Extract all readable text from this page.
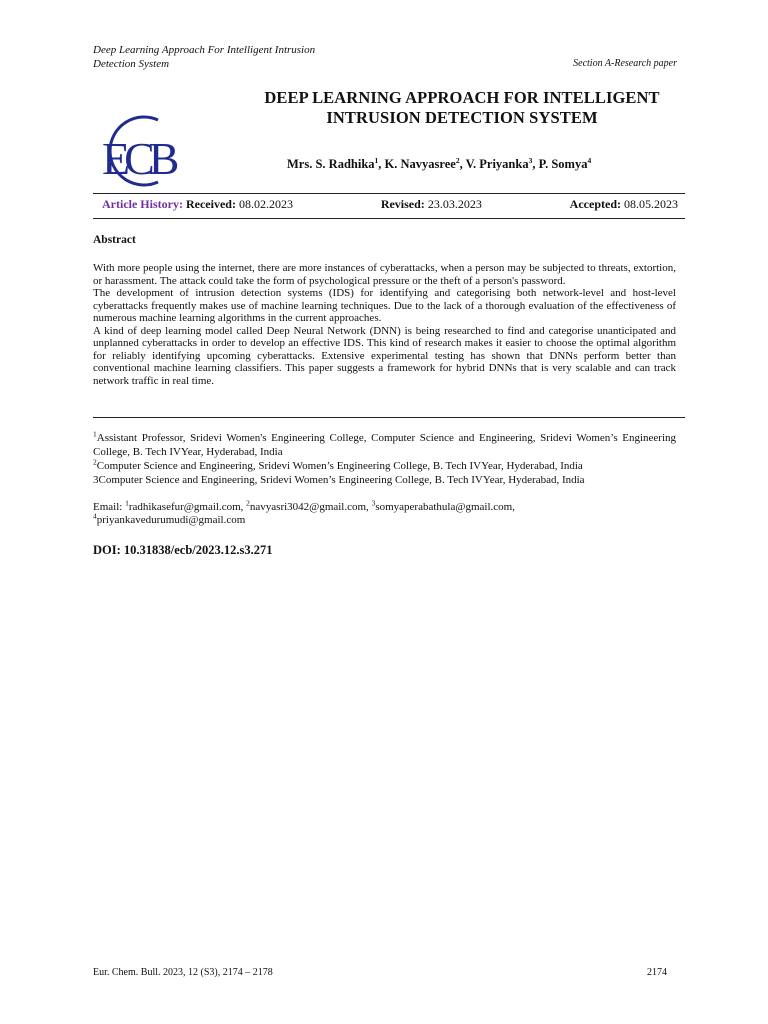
Deep Learning Approach For Intelligent Intrusion
Detection System	Section A-Research paper
ECB
DEEP LEARNING APPROACH FOR INTELLIGENT
INTRUSION DETECTION SYSTEM
Mrs. S. Radhika$^1$, K. Navyasree$^2$, V. Priyanka$^3$, P. Somya$^4$
Article History: Received: 08.02.2023	Revised: 23.03.2023	Accepted: 08.05.2023
Abstract

With more people using the internet, there are more instances of cyberattacks, when a person may be subjected to threats, extortion, or harassment. The attack could take the form of psychological pressure or the theft of a person's password.

The development of intrusion detection systems (IDS) for identifying and categorising both network-level and host-level cyberattacks frequently makes use of machine learning techniques. Due to the lack of a thorough evaluation of the effectiveness of numerous machine learning algorithms in the current approaches.

A kind of deep learning model called Deep Neural Network (DNN) is being researched to find and categorise unanticipated and unplanned cyberattacks in order to develop an effective IDS. This kind of research makes it easier to choose the optimal algorithm for reliably identifying upcoming cyberattacks. Extensive experimental testing has shown that DNNs perform better than conventional machine learning classifiers. This paper suggests a framework for hybrid DNNs that is very scalable and can track network traffic in real time.

$^1$Assistant Professor, Sridevi Women's Engineering College, Computer Science and Engineering, Sridevi Women’s Engineering College, B. Tech IVYear, Hyderabad, India

$^2$Computer Science and Engineering, Sridevi Women’s Engineering College, B. Tech IVYear, Hyderabad, India

3Computer Science and Engineering, Sridevi Women’s Engineering College, B. Tech IVYear, Hyderabad, India

Email: $^1$radhikasefur@gmail.com, $^2$navyasri3042@gmail.com, $^3$somyaperabathula@gmail.com,
$^4$priyankavedurumudi@gmail.com
DOI: 10.31838/ecb/2023.12.s3.271
Eur. Chem. Bull. 2023, 12 (S3), 2174 – 2178	2174
